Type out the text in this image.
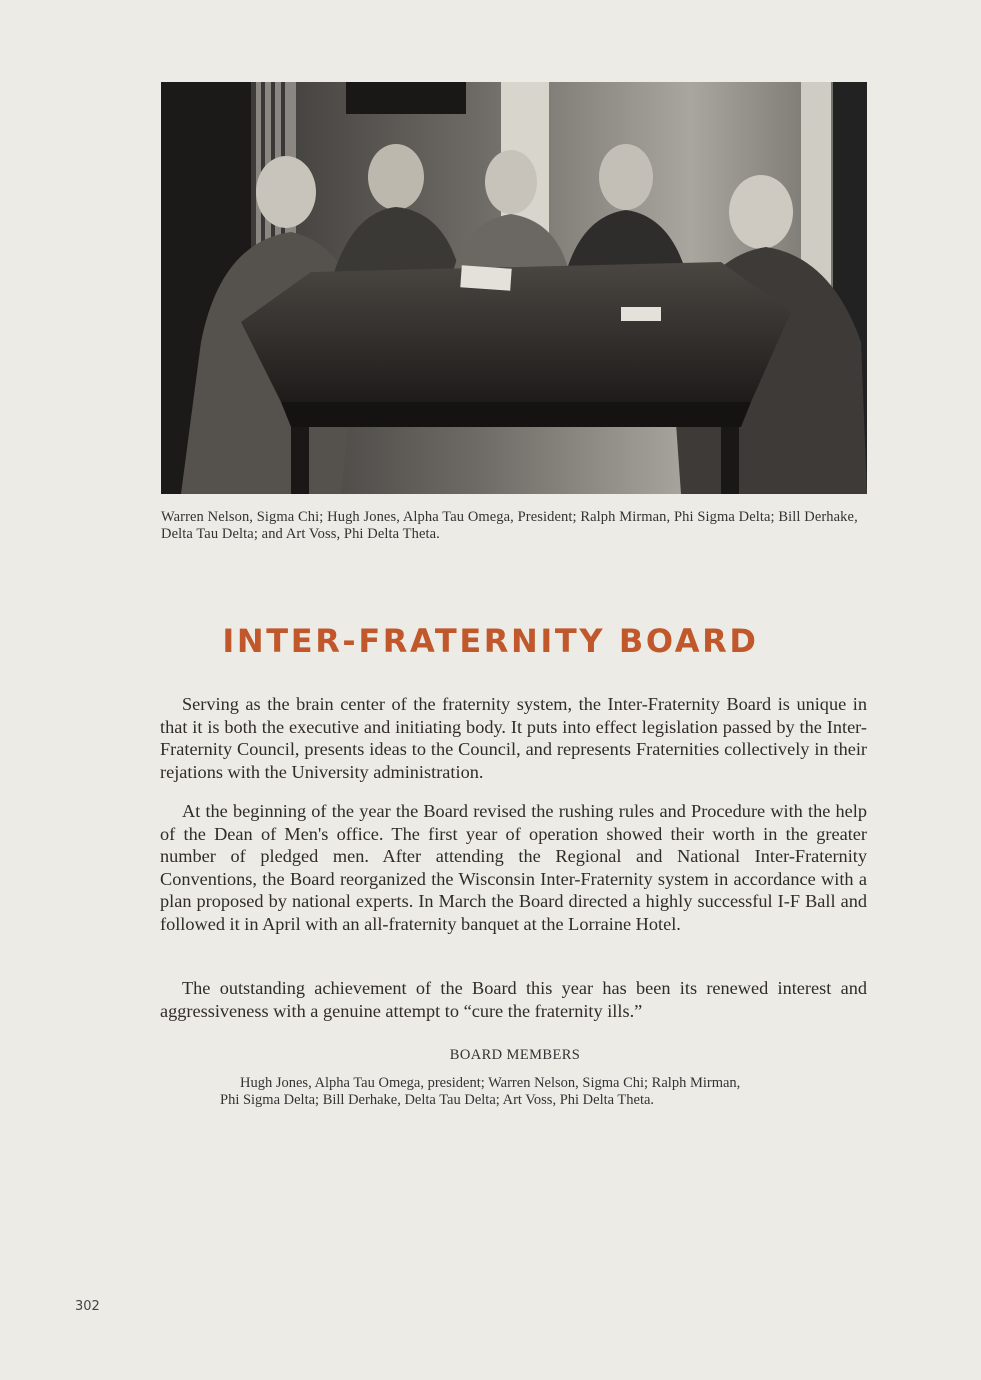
Warren Nelson, Sigma Chi; Hugh Jones, Alpha Tau Omega, President; Ralph Mirman, Phi Sigma Delta; Bill Derhake, Delta Tau Delta; and Art Voss, Phi Delta Theta.
INTER-FRATERNITY BOARD

Serving as the brain center of the fraternity system, the Inter-Fraternity Board is unique in that it is both the executive and initiating body. It puts into effect legislation passed by the Inter-Fraternity Council, presents ideas to the Council, and represents Fraternities collectively in their rejations with the University administration.

At the beginning of the year the Board revised the rushing rules and Procedure with the help of the Dean of Men's office. The first year of operation showed their worth in the greater number of pledged men. After attending the Regional and National Inter-Fraternity Conventions, the Board reorganized the Wisconsin Inter-Fraternity system in accordance with a plan proposed by national experts. In March the Board directed a highly successful I-F Ball and followed it in April with an all-fraternity banquet at the Lorraine Hotel.

The outstanding achievement of the Board this year has been its renewed interest and aggressiveness with a genuine attempt to “cure the fraternity ills.”

BOARD MEMBERS
Hugh Jones, Alpha Tau Omega, president; Warren Nelson, Sigma Chi; Ralph Mirman,
Phi Sigma Delta; Bill Derhake, Delta Tau Delta; Art Voss, Phi Delta Theta.
302
